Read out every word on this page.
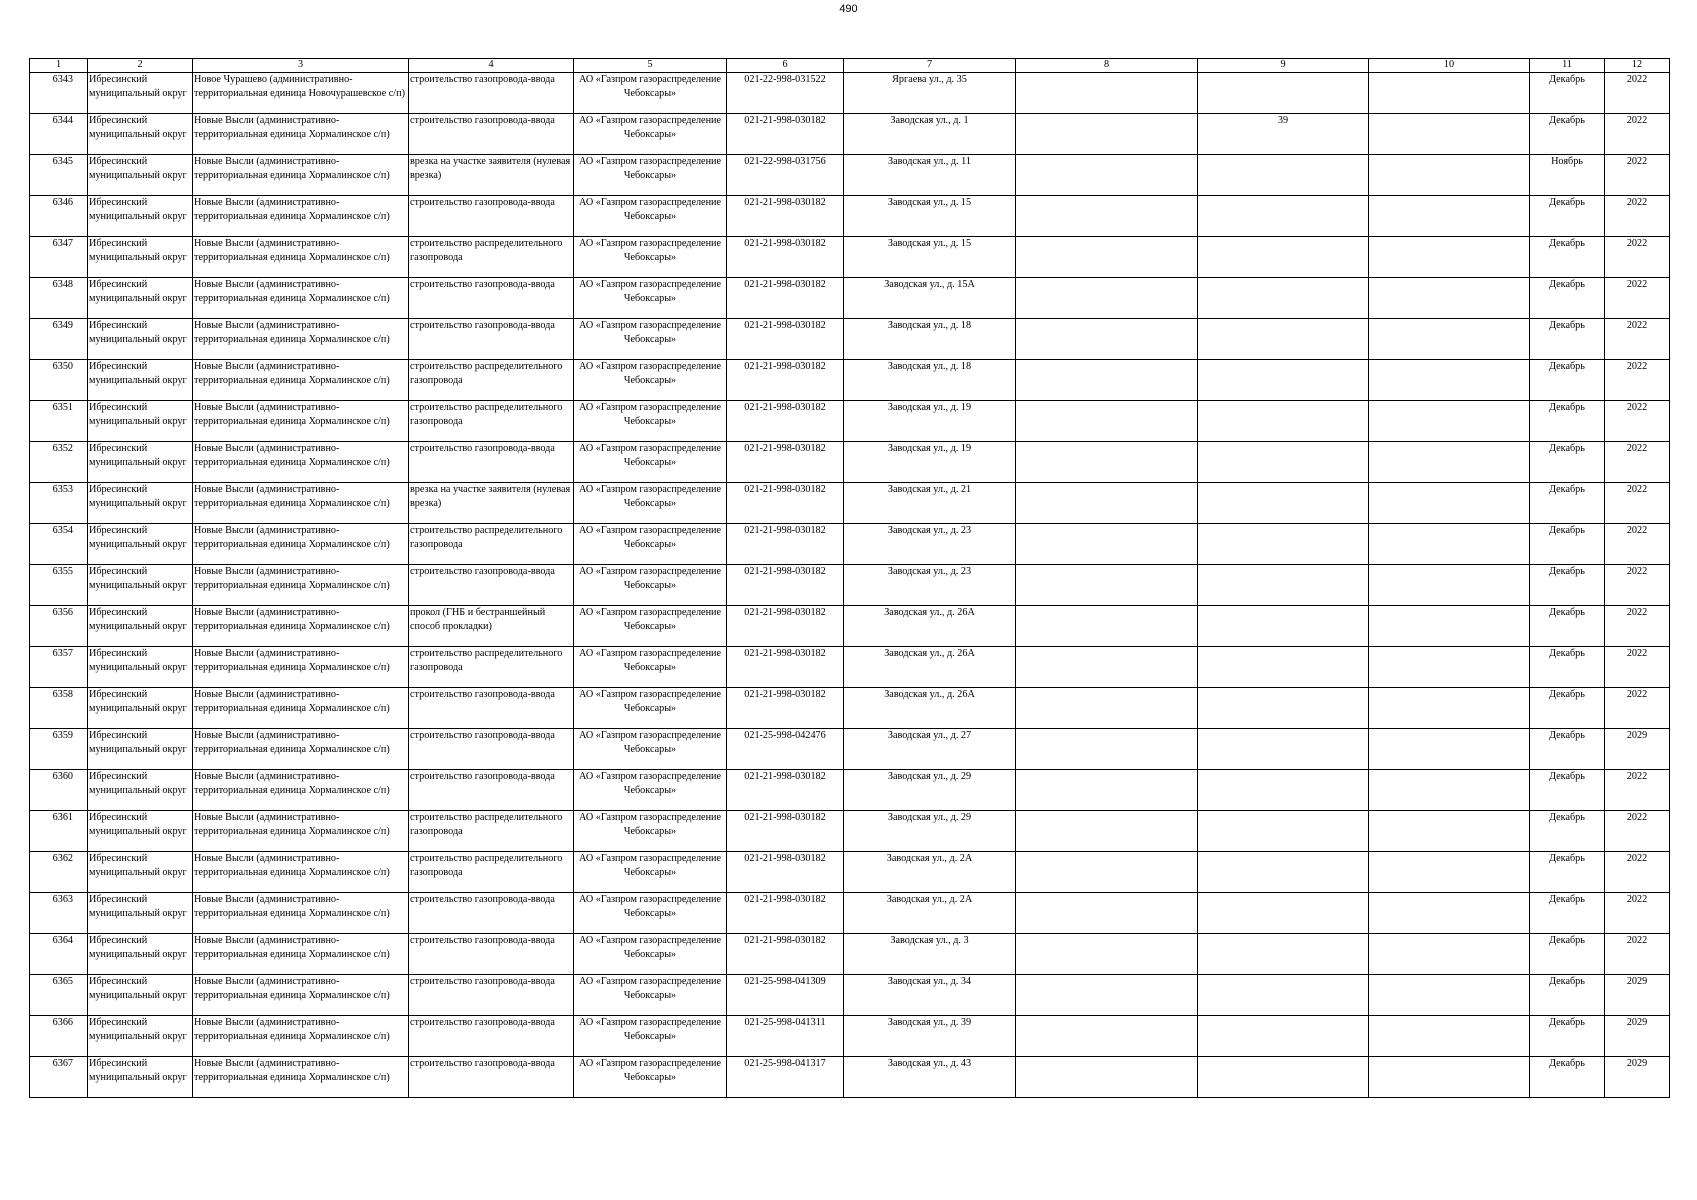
490
1	2	3	4	5	6	7	8	9	10	11	12

6343	Ибресинский муниципальный округ	Новое Чурашево (административно-территориальная единица Новочурашевское с/п)	строительство газопровода-ввода	АО «Газпром газораспределение Чебоксары»	021-22-998-031522	Яргаева ул., д. 35				Декабрь	2022

6344	Ибресинский муниципальный округ	Новые Высли (административно-территориальная единица Хормалинское с/п)	строительство газопровода-ввода	АО «Газпром газораспределение Чебоксары»	021-21-998-030182	Заводская ул., д. 1		39		Декабрь	2022

6345	Ибресинский муниципальный округ	Новые Высли (административно-территориальная единица Хормалинское с/п)	врезка на участке заявителя (нулевая врезка)	АО «Газпром газораспределение Чебоксары»	021-22-998-031756	Заводская ул., д. 11				Ноябрь	2022

6346	Ибресинский муниципальный округ	Новые Высли (административно-территориальная единица Хормалинское с/п)	строительство газопровода-ввода	АО «Газпром газораспределение Чебоксары»	021-21-998-030182	Заводская ул., д. 15				Декабрь	2022

6347	Ибресинский муниципальный округ	Новые Высли (административно-территориальная единица Хормалинское с/п)	строительство распределительного газопровода	АО «Газпром газораспределение Чебоксары»	021-21-998-030182	Заводская ул., д. 15				Декабрь	2022

6348	Ибресинский муниципальный округ	Новые Высли (административно-территориальная единица Хормалинское с/п)	строительство газопровода-ввода	АО «Газпром газораспределение Чебоксары»	021-21-998-030182	Заводская ул., д. 15А				Декабрь	2022

6349	Ибресинский муниципальный округ	Новые Высли (административно-территориальная единица Хормалинское с/п)	строительство газопровода-ввода	АО «Газпром газораспределение Чебоксары»	021-21-998-030182	Заводская ул., д. 18				Декабрь	2022

6350	Ибресинский муниципальный округ	Новые Высли (административно-территориальная единица Хормалинское с/п)	строительство распределительного газопровода	АО «Газпром газораспределение Чебоксары»	021-21-998-030182	Заводская ул., д. 18				Декабрь	2022

6351	Ибресинский муниципальный округ	Новые Высли (административно-территориальная единица Хормалинское с/п)	строительство распределительного газопровода	АО «Газпром газораспределение Чебоксары»	021-21-998-030182	Заводская ул., д. 19				Декабрь	2022

6352	Ибресинский муниципальный округ	Новые Высли (административно-территориальная единица Хормалинское с/п)	строительство газопровода-ввода	АО «Газпром газораспределение Чебоксары»	021-21-998-030182	Заводская ул., д. 19				Декабрь	2022

6353	Ибресинский муниципальный округ	Новые Высли (административно-территориальная единица Хормалинское с/п)	врезка на участке заявителя (нулевая врезка)	АО «Газпром газораспределение Чебоксары»	021-21-998-030182	Заводская ул., д. 21				Декабрь	2022

6354	Ибресинский муниципальный округ	Новые Высли (административно-территориальная единица Хормалинское с/п)	строительство распределительного газопровода	АО «Газпром газораспределение Чебоксары»	021-21-998-030182	Заводская ул., д. 23				Декабрь	2022

6355	Ибресинский муниципальный округ	Новые Высли (административно-территориальная единица Хормалинское с/п)	строительство газопровода-ввода	АО «Газпром газораспределение Чебоксары»	021-21-998-030182	Заводская ул., д. 23				Декабрь	2022

6356	Ибресинский муниципальный округ	Новые Высли (административно-территориальная единица Хормалинское с/п)	прокол (ГНБ и бестраншейный способ прокладки)	АО «Газпром газораспределение Чебоксары»	021-21-998-030182	Заводская ул., д. 26А				Декабрь	2022

6357	Ибресинский муниципальный округ	Новые Высли (административно-территориальная единица Хормалинское с/п)	строительство распределительного газопровода	АО «Газпром газораспределение Чебоксары»	021-21-998-030182	Заводская ул., д. 26А				Декабрь	2022

6358	Ибресинский муниципальный округ	Новые Высли (административно-территориальная единица Хормалинское с/п)	строительство газопровода-ввода	АО «Газпром газораспределение Чебоксары»	021-21-998-030182	Заводская ул., д. 26А				Декабрь	2022

6359	Ибресинский муниципальный округ	Новые Высли (административно-территориальная единица Хормалинское с/п)	строительство газопровода-ввода	АО «Газпром газораспределение Чебоксары»	021-25-998-042476	Заводская ул., д. 27				Декабрь	2029

6360	Ибресинский муниципальный округ	Новые Высли (административно-территориальная единица Хормалинское с/п)	строительство газопровода-ввода	АО «Газпром газораспределение Чебоксары»	021-21-998-030182	Заводская ул., д. 29				Декабрь	2022

6361	Ибресинский муниципальный округ	Новые Высли (административно-территориальная единица Хормалинское с/п)	строительство распределительного газопровода	АО «Газпром газораспределение Чебоксары»	021-21-998-030182	Заводская ул., д. 29				Декабрь	2022

6362	Ибресинский муниципальный округ	Новые Высли (административно-территориальная единица Хормалинское с/п)	строительство распределительного газопровода	АО «Газпром газораспределение Чебоксары»	021-21-998-030182	Заводская ул., д. 2А				Декабрь	2022

6363	Ибресинский муниципальный округ	Новые Высли (административно-территориальная единица Хормалинское с/п)	строительство газопровода-ввода	АО «Газпром газораспределение Чебоксары»	021-21-998-030182	Заводская ул., д. 2А				Декабрь	2022

6364	Ибресинский муниципальный округ	Новые Высли (административно-территориальная единица Хормалинское с/п)	строительство газопровода-ввода	АО «Газпром газораспределение Чебоксары»	021-21-998-030182	Заводская ул., д. 3				Декабрь	2022

6365	Ибресинский муниципальный округ	Новые Высли (административно-территориальная единица Хормалинское с/п)	строительство газопровода-ввода	АО «Газпром газораспределение Чебоксары»	021-25-998-041309	Заводская ул., д. 34				Декабрь	2029

6366	Ибресинский муниципальный округ	Новые Высли (административно-территориальная единица Хормалинское с/п)	строительство газопровода-ввода	АО «Газпром газораспределение Чебоксары»	021-25-998-041311	Заводская ул., д. 39				Декабрь	2029

6367	Ибресинский муниципальный округ	Новые Высли (административно-территориальная единица Хормалинское с/п)	строительство газопровода-ввода	АО «Газпром газораспределение Чебоксары»	021-25-998-041317	Заводская ул., д. 43				Декабрь	2029
